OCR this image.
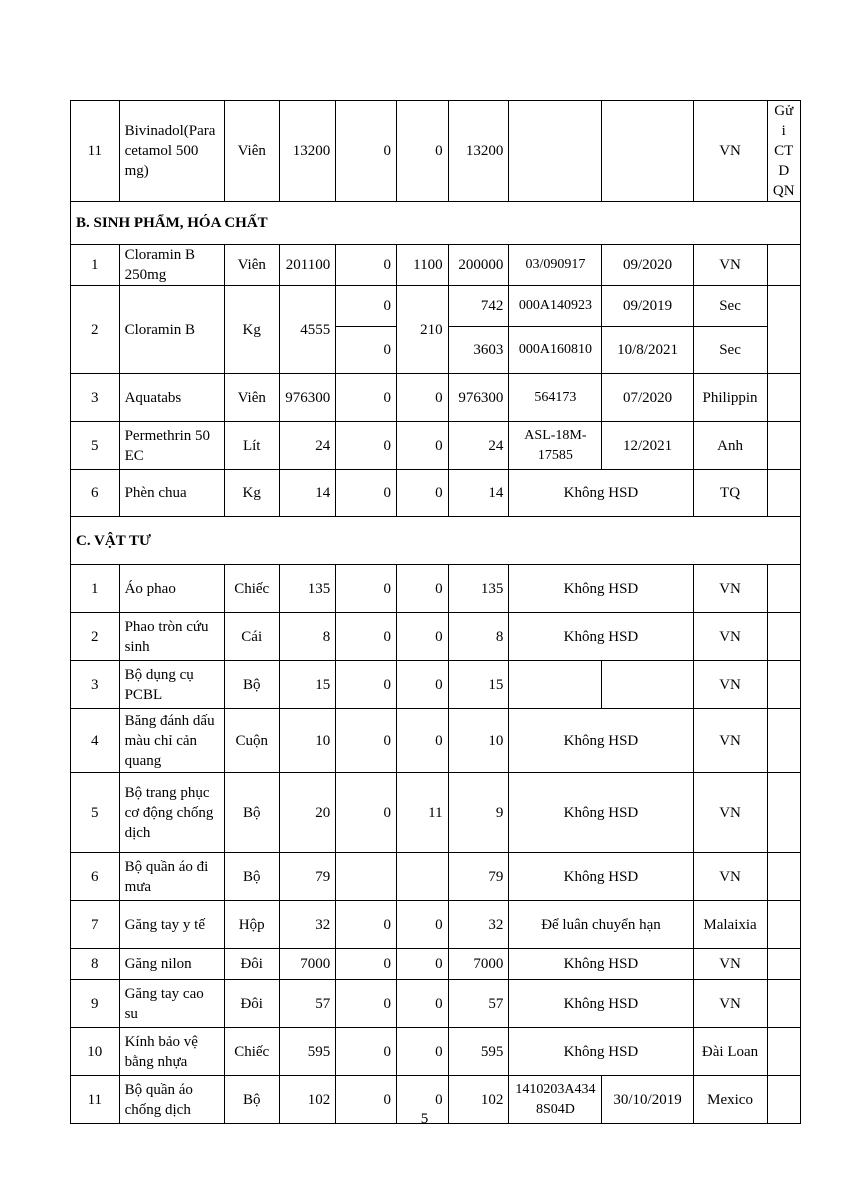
11	Bivinadol(Paracetamol 500 mg)	Viên	13200	0	0	13200			VN	Gửi CTD QN
B. SINH PHẨM, HÓA CHẤT										
1	Cloramin B 250mg	Viên	201100	0	1100	200000	03/090917	09/2020	VN	
2	Cloramin B	Kg	4555	0	210	742	000A140923	09/2019	Sec	
				0		3603	000A160810	10/8/2021	Sec	
3	Aquatabs	Viên	976300	0	0	976300	564173	07/2020	Philippin	
5	Permethrin 50 EC	Lít	24	0	0	24	ASL-18M-17585	12/2021	Anh	
6	Phèn chua	Kg	14	0	0	14	Không HSD		TQ	
C. VẬT TƯ										
1	Áo phao	Chiếc	135	0	0	135	Không HSD		VN	
2	Phao tròn cứu sinh	Cái	8	0	0	8	Không HSD		VN	
3	Bộ dụng cụ PCBL	Bộ	15	0	0	15			VN	
4	Băng đánh dấu màu chỉ cản quang	Cuộn	10	0	0	10	Không HSD		VN	
5	Bộ trang phục cơ động chống dịch	Bộ	20	0	11	9	Không HSD		VN	
6	Bộ quần áo đi mưa	Bộ	79			79	Không HSD		VN	
7	Găng tay y tế	Hộp	32	0	0	32	Để luân chuyển hạn		Malaixia	
8	Găng nilon	Đôi	7000	0	0	7000	Không HSD		VN	
9	Găng tay cao su	Đôi	57	0	0	57	Không HSD		VN	
10	Kính bảo vệ bằng nhựa	Chiếc	595	0	0	595	Không HSD		Đài Loan	
11	Bộ quần áo chống dịch	Bộ	102	0	0	102	1410203A4348S04D	30/10/2019	Mexico	
5
